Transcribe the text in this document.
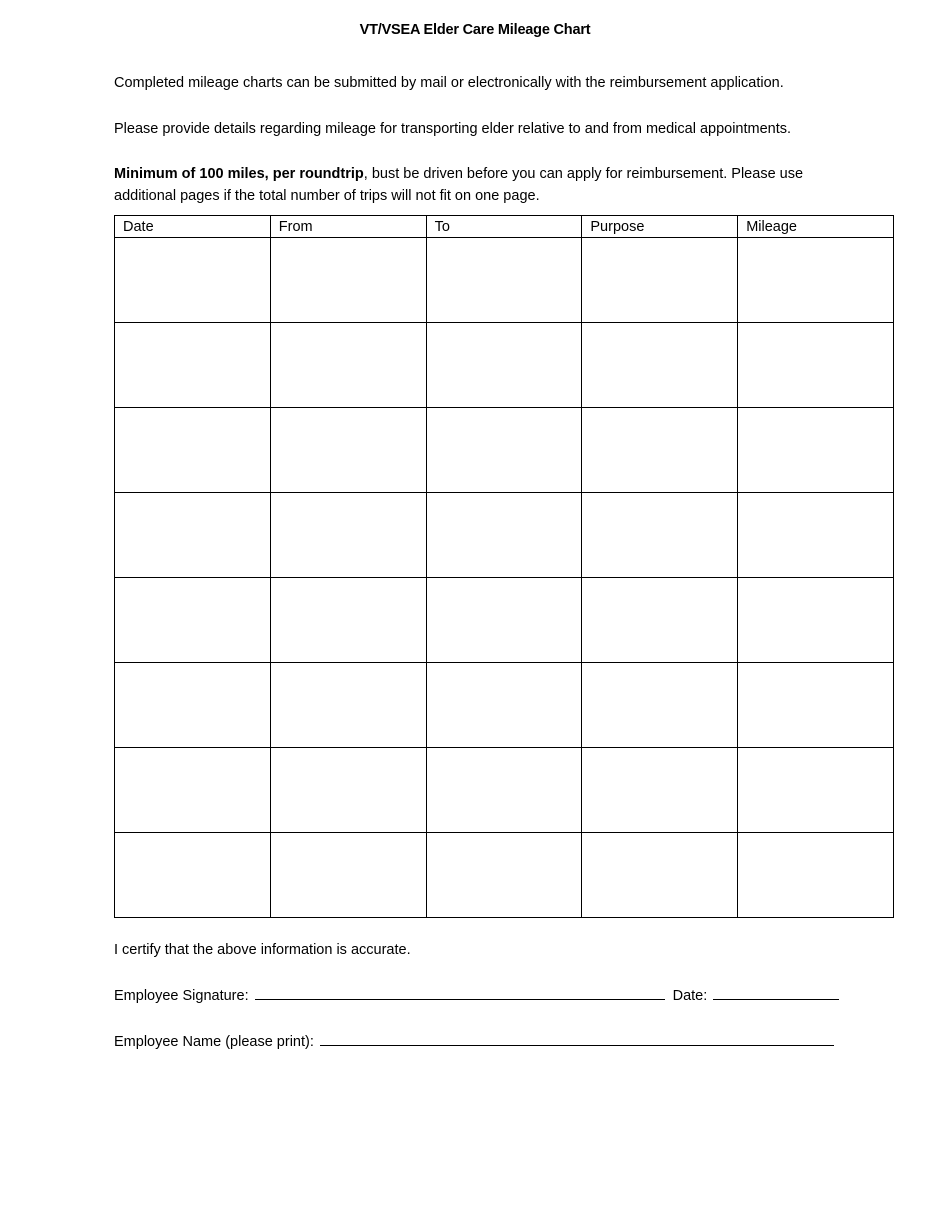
VT/VSEA Elder Care Mileage Chart
Completed mileage charts can be submitted by mail or electronically with the reimbursement application.
Please provide details regarding mileage for transporting elder relative to and from medical appointments.
Minimum of 100 miles, per roundtrip, bust be driven before you can apply for reimbursement. Please use additional pages if the total number of trips will not fit on one page.
Date	From	To	Purpose	Mileage

I certify that the above information is accurate.
Employee Signature:	Date:
Employee Name (please print):
